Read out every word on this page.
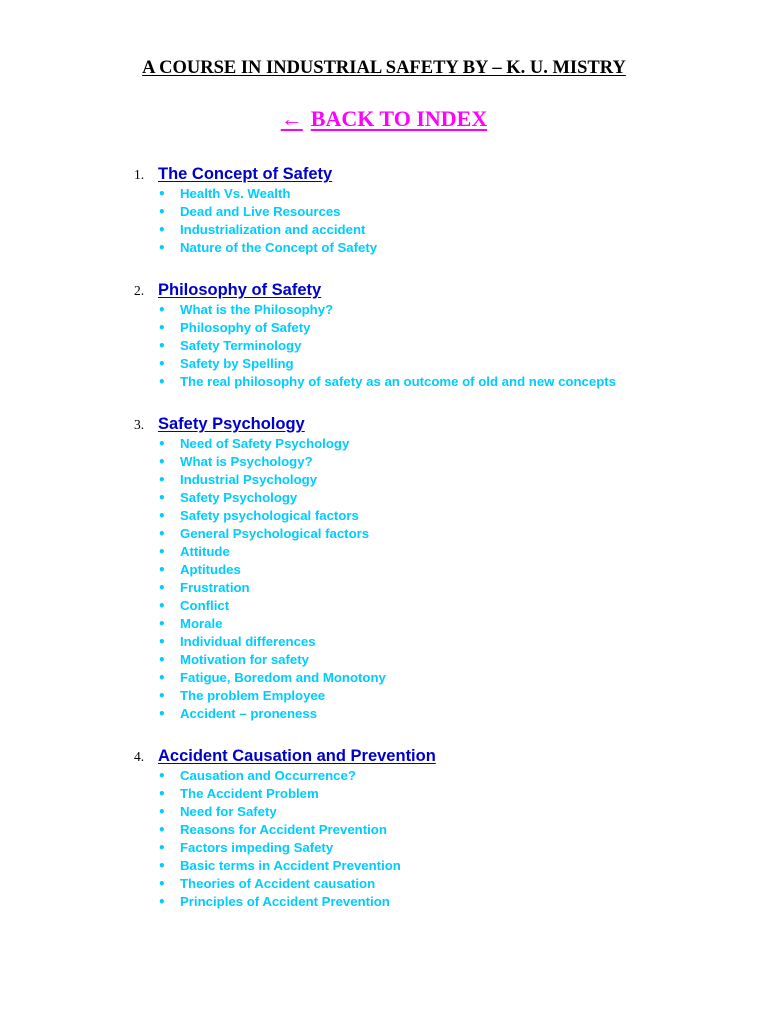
A COURSE IN INDUSTRIAL SAFETY BY – K. U. MISTRY
← BACK TO INDEX
1. The Concept of Safety
• Health Vs. Wealth
• Dead and Live Resources
• Industrialization and accident
• Nature of the Concept of Safety
2. Philosophy of Safety
• What is the Philosophy?
• Philosophy of Safety
• Safety Terminology
• Safety by Spelling
• The real philosophy of safety as an outcome of old and new concepts
3. Safety Psychology
• Need of Safety Psychology
• What is Psychology?
• Industrial Psychology
• Safety Psychology
• Safety psychological factors
• General Psychological factors
• Attitude
• Aptitudes
• Frustration
• Conflict
• Morale
• Individual differences
• Motivation for safety
• Fatigue, Boredom and Monotony
• The problem Employee
• Accident – proneness
4. Accident Causation and Prevention
• Causation and Occurrence?
• The Accident Problem
• Need for Safety
• Reasons for Accident Prevention
• Factors impeding Safety
• Basic terms in Accident Prevention
• Theories of Accident causation
• Principles of Accident Prevention
